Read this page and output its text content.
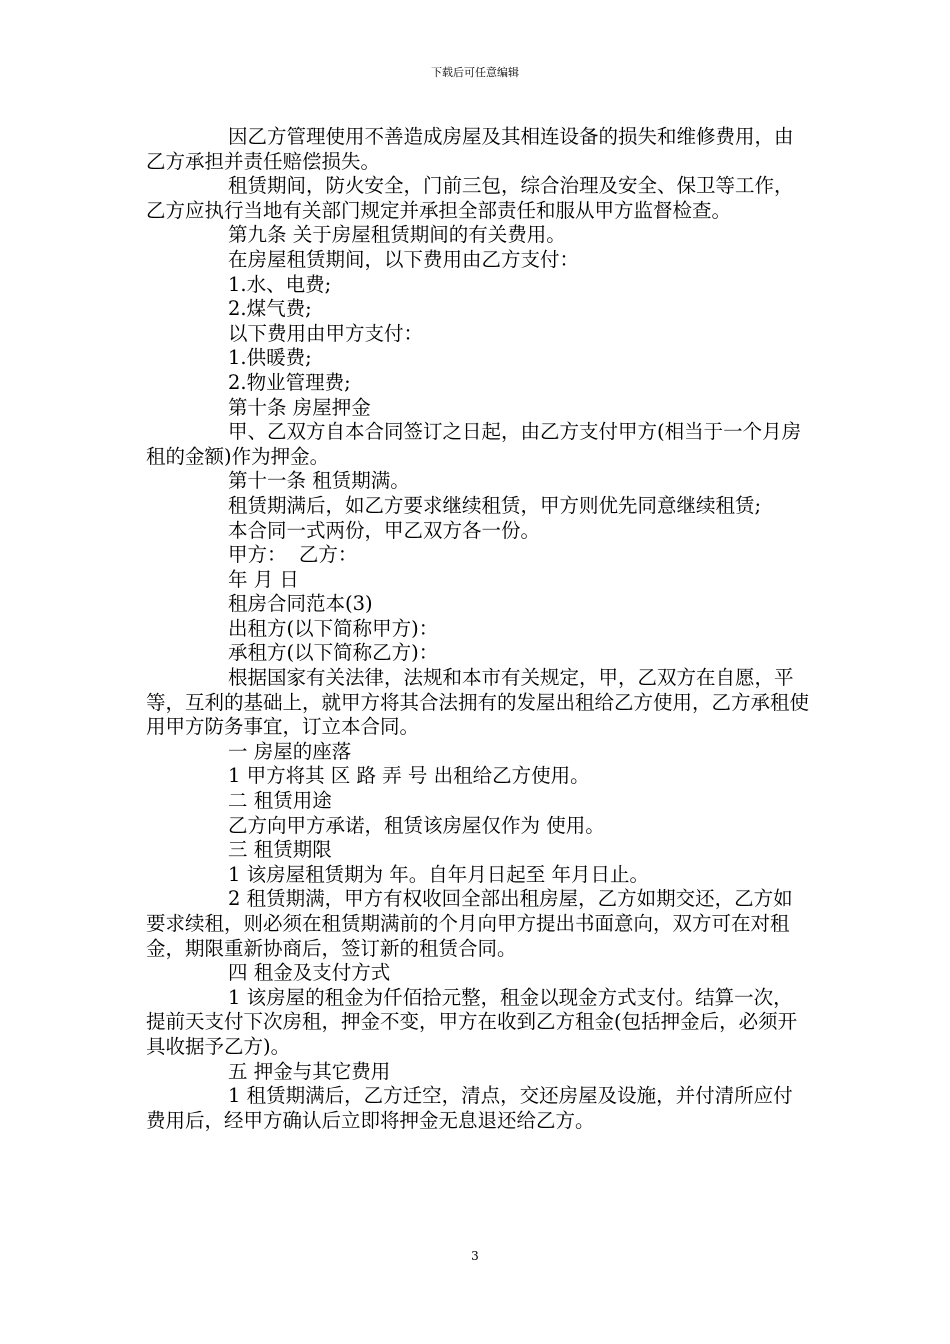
下载后可任意编辑

因乙方管理使用不善造成房屋及其相连设备的损失和维修费用，由乙方承担并责任赔偿损失。

租赁期间，防火安全，门前三包，综合治理及安全、保卫等工作，乙方应执行当地有关部门规定并承担全部责任和服从甲方监督检查。

第九条 关于房屋租赁期间的有关费用。

在房屋租赁期间，以下费用由乙方支付：

1.水、电费;

2.煤气费;

以下费用由甲方支付：

1.供暖费;

2.物业管理费;

第十条 房屋押金

甲、乙双方自本合同签订之日起，由乙方支付甲方(相当于一个月房租的金额)作为押金。

第十一条 租赁期满。

租赁期满后，如乙方要求继续租赁，甲方则优先同意继续租赁;

本合同一式两份，甲乙双方各一份。

甲方：  乙方：

年 月 日

租房合同范本(3)

出租方(以下简称甲方)：

承租方(以下简称乙方)：

根据国家有关法律，法规和本市有关规定，甲，乙双方在自愿，平等，互利的基础上，就甲方将其合法拥有的发屋出租给乙方使用，乙方承租使用甲方防务事宜，订立本合同。

一 房屋的座落

1 甲方将其 区 路 弄 号 出租给乙方使用。

二 租赁用途

乙方向甲方承诺，租赁该房屋仅作为 使用。

三 租赁期限

1 该房屋租赁期为 年。自年月日起至 年月日止。

2 租赁期满，甲方有权收回全部出租房屋，乙方如期交还，乙方如要求续租，则必须在租赁期满前的个月向甲方提出书面意向，双方可在对租金，期限重新协商后，签订新的租赁合同。

四 租金及支付方式

1 该房屋的租金为仟佰拾元整，租金以现金方式支付。结算一次，提前天支付下次房租，押金不变，甲方在收到乙方租金(包括押金后，必须开具收据予乙方)。

五 押金与其它费用

1 租赁期满后，乙方迁空，清点，交还房屋及设施，并付清所应付费用后，经甲方确认后立即将押金无息退还给乙方。

3
